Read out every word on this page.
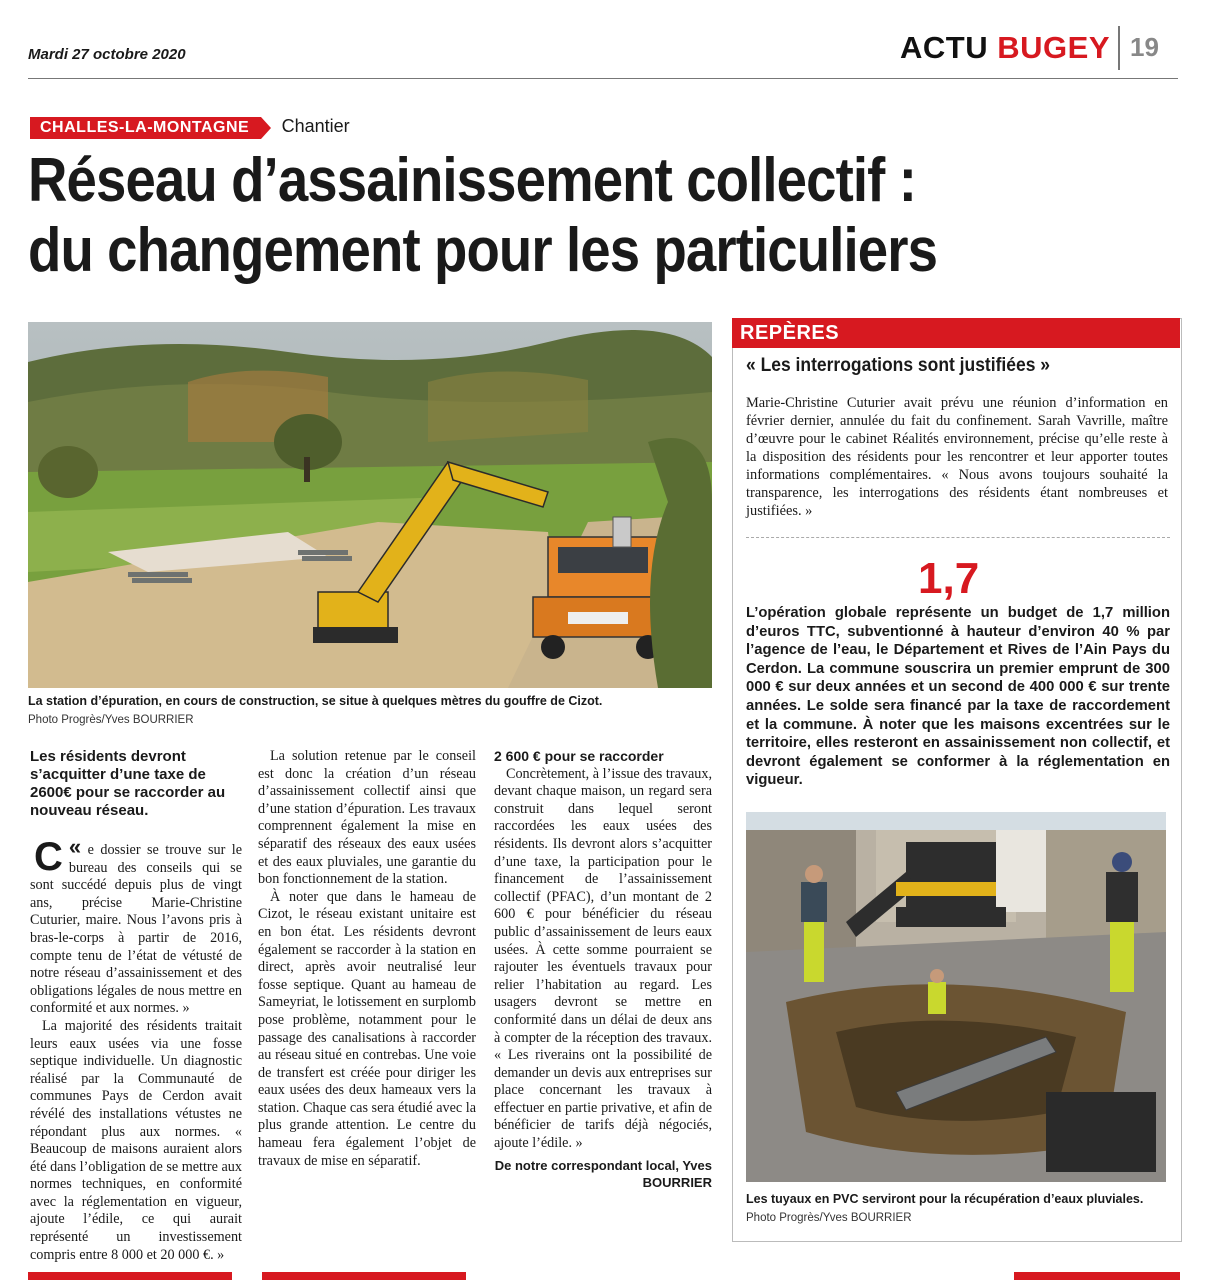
Mardi 27 octobre 2020	ACTU BUGEY 19
CHALLES-LA-MONTAGNE Chantier
Réseau d’assainissement collectif :
du changement pour les particuliers
La station d’épuration, en cours de construction, se situe à quelques mètres du gouffre de Cizot.
Photo Progrès/Yves BOURRIER
Les résidents devront s’acquitter d’une taxe de 2600€ pour se raccorder au nouveau réseau.

«
C e dossier se trouve sur le bureau des conseils qui se sont succédé depuis plus de vingt ans, précise Marie-Christine Cuturier, maire. Nous l’avons pris à bras-le-corps à partir de 2016, compte tenu de l’état de vétusté de notre réseau d’assainissement et des obligations légales de nous mettre en conformité et aux normes. »

La majorité des résidents traitait leurs eaux usées via une fosse septique individuelle. Un diagnostic réalisé par la Communauté de communes Pays de Cerdon avait révélé des installations vétustes ne répondant plus aux normes. « Beaucoup de maisons auraient alors été dans l’obligation de se mettre aux normes techniques, en conformité avec la réglementation en vigueur, ajoute l’édile, ce qui aurait représenté un investissement compris entre 8 000 et 20 000 €. »

La solution retenue par le conseil est donc la création d’un réseau d’assainissement collectif ainsi que d’une station d’épuration. Les travaux comprennent également la mise en séparatif des réseaux des eaux usées et des eaux pluviales, une garantie du bon fonctionnement de la station.

À noter que dans le hameau de Cizot, le réseau existant unitaire est en bon état. Les résidents devront également se raccorder à la station en direct, après avoir neutralisé leur fosse septique. Quant au hameau de Sameyriat, le lotissement en surplomb pose problème, notamment pour le passage des canalisations à raccorder au réseau situé en contrebas. Une voie de transfert est créée pour diriger les eaux usées des deux hameaux vers la station. Chaque cas sera étudié avec la plus grande attention. Le centre du hameau fera également l’objet de travaux de mise en séparatif.

2 600 € pour se raccorder

Concrètement, à l’issue des travaux, devant chaque maison, un regard sera construit dans lequel seront raccordées les eaux usées des résidents. Ils devront alors s’acquitter d’une taxe, la participation pour le financement de l’assainissement collectif (PFAC), d’un montant de 2 600 € pour bénéficier du réseau public d’assainissement de leurs eaux usées. À cette somme pourraient se rajouter les éventuels travaux pour relier l’habitation au regard. Les usagers devront se mettre en conformité dans un délai de deux ans à compter de la réception des travaux. « Les riverains ont la possibilité de demander un devis aux entreprises sur place concernant les travaux à effectuer en partie privative, et afin de bénéficier de tarifs déjà négociés, ajoute l’édile. »

De notre correspondant local, Yves BOURRIER
REPÈRES
« Les interrogations sont justifiées »
Marie-Christine Cuturier avait prévu une réunion d’information en février dernier, annulée du fait du confinement. Sarah Vavrille, maître d’œuvre pour le cabinet Réalités environnement, précise qu’elle reste à la disposition des résidents pour les rencontrer et leur apporter toutes informations complémentaires. « Nous avons toujours souhaité la transparence, les interrogations des résidents étant nombreuses et justifiées. »
1,7
L’opération globale représente un budget de 1,7 million d’euros TTC, subventionné à hauteur d’environ 40 % par l’agence de l’eau, le Département et Rives de l’Ain Pays du Cerdon. La commune souscrira un premier emprunt de 300 000 € sur deux années et un second de 400 000 € sur trente années. Le solde sera financé par la taxe de raccordement et la commune. À noter que les maisons excentrées sur le territoire, elles resteront en assainissement non collectif, et devront également se conformer à la réglementation en vigueur.
Les tuyaux en PVC serviront pour la récupération d’eaux pluviales.
Photo Progrès/Yves BOURRIER
